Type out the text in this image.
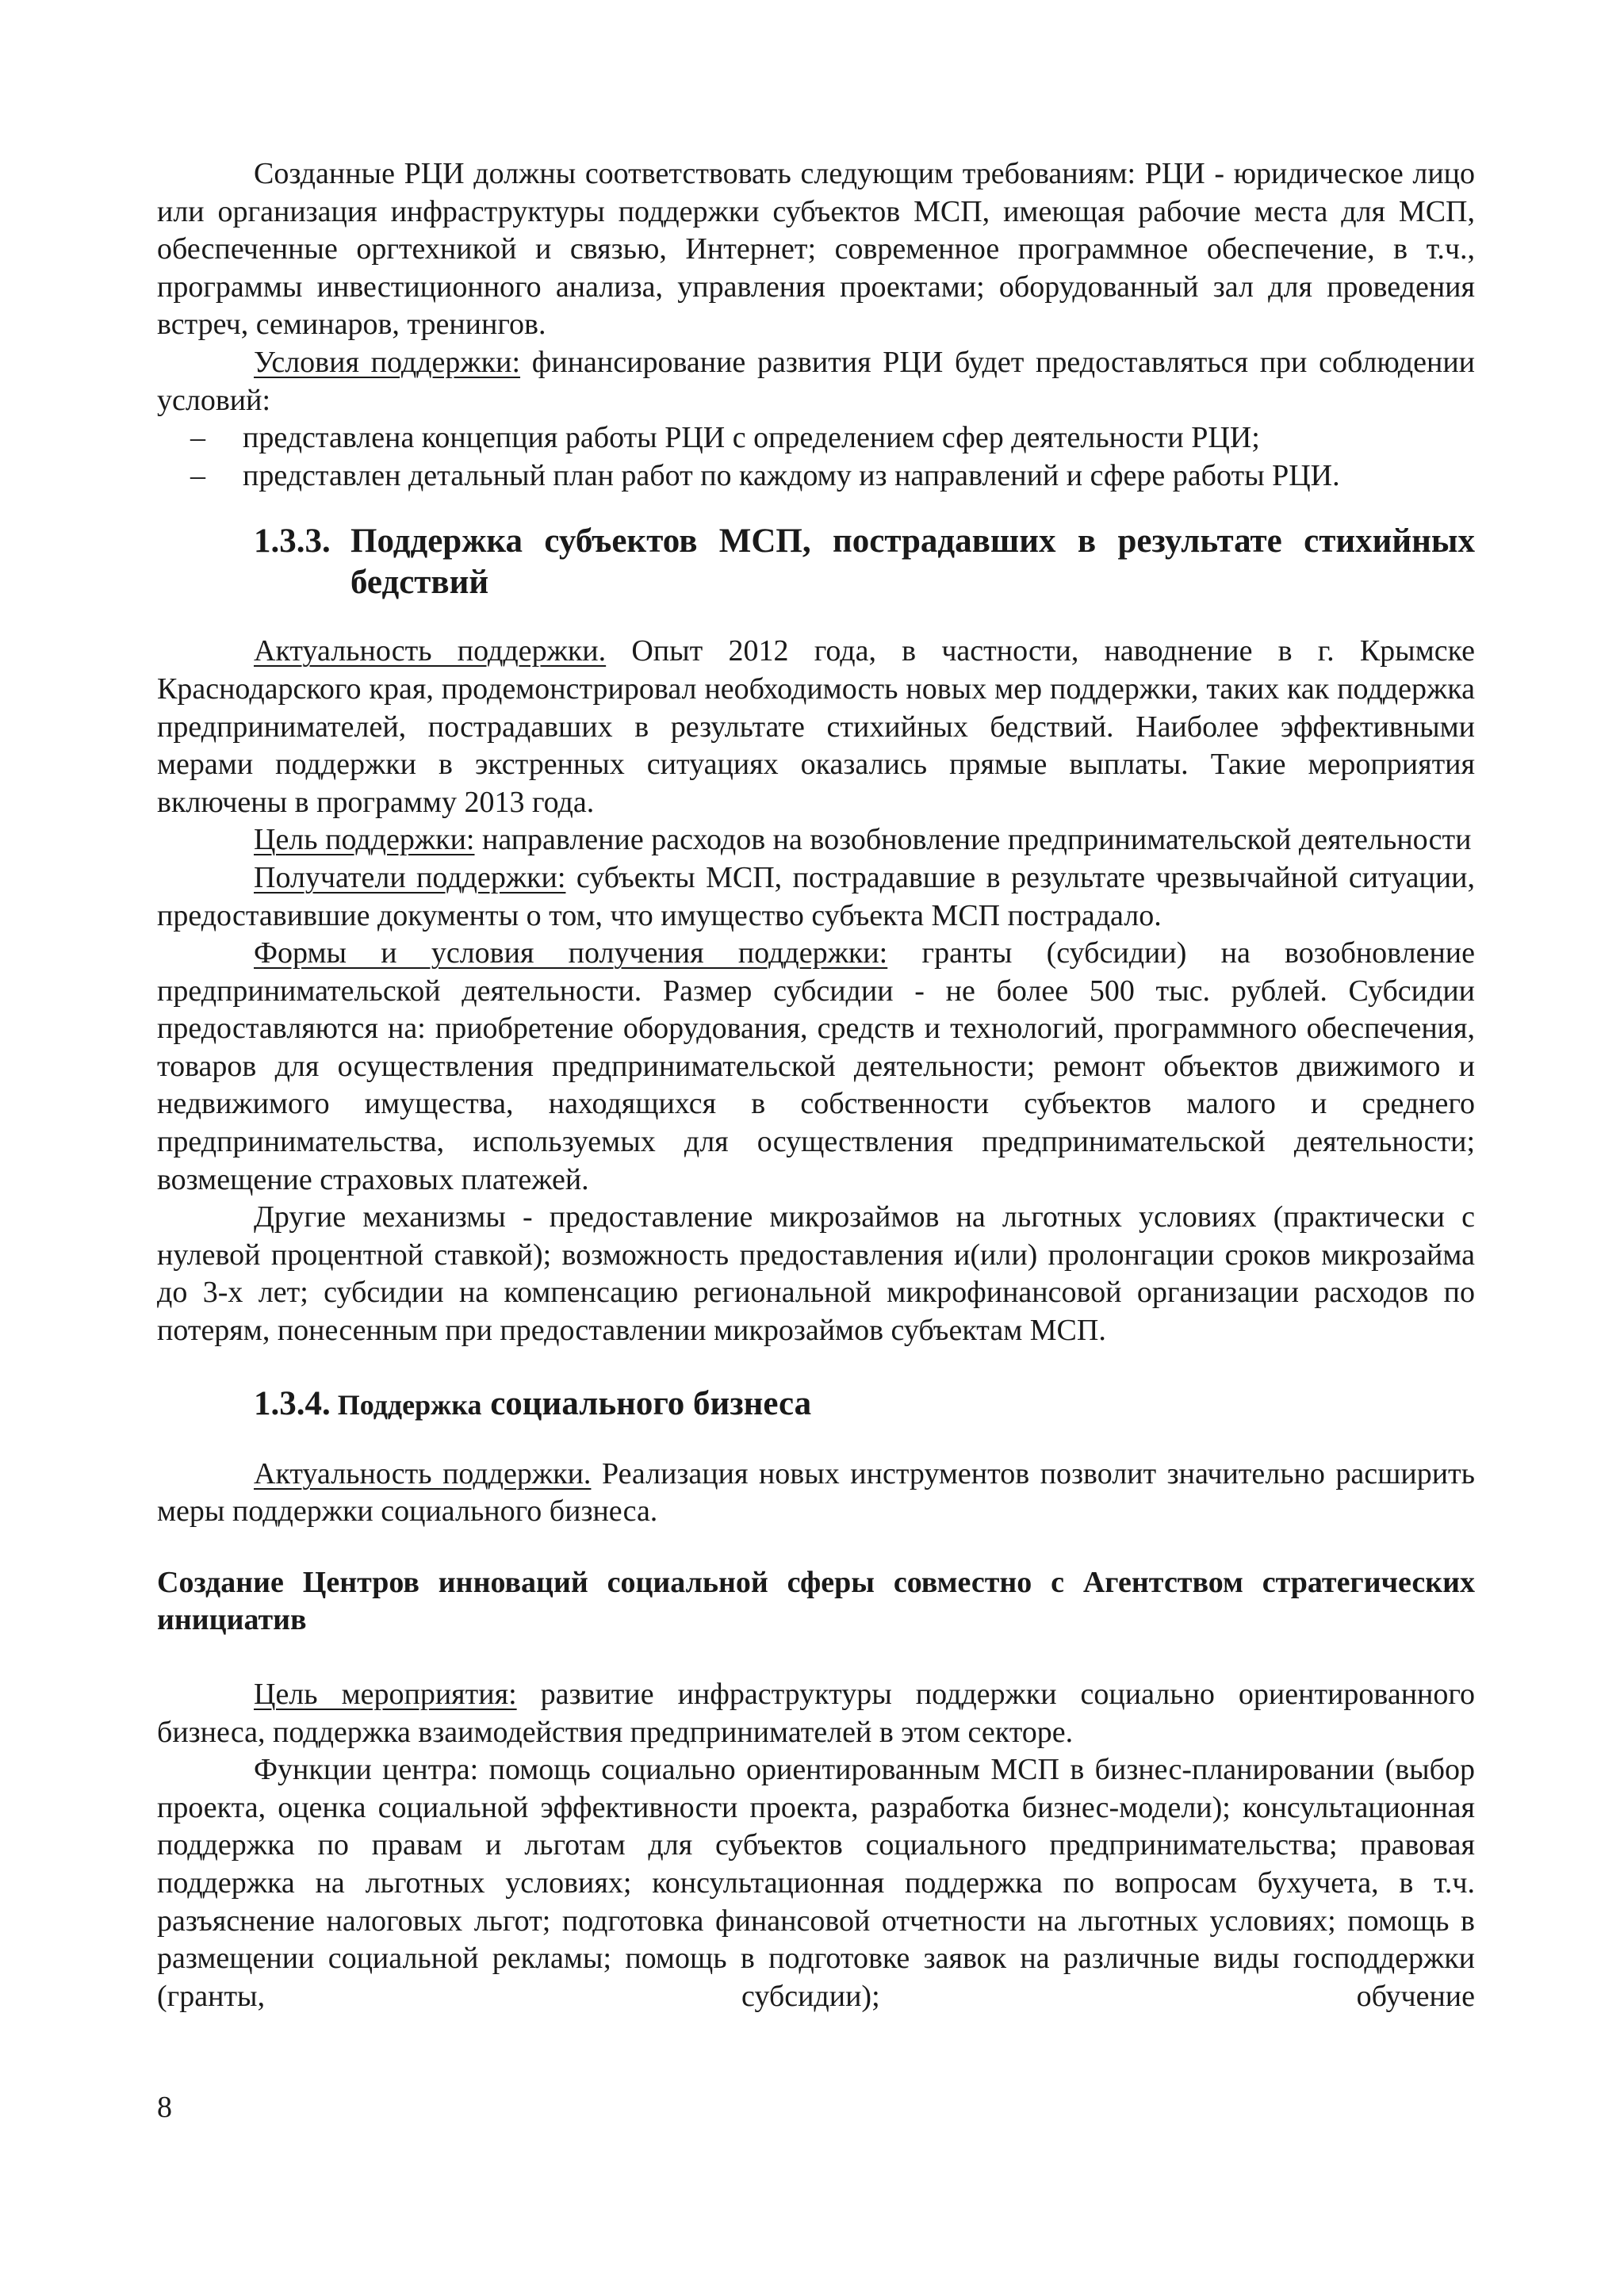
Созданные РЦИ должны соответствовать следующим требованиям: РЦИ - юридическое лицо или организация инфраструктуры поддержки субъектов МСП, имеющая рабочие места для МСП, обеспеченные оргтехникой и связью, Интернет; современное программное обеспечение, в т.ч., программы инвестиционного анализа, управления проектами; оборудованный зал для проведения встреч, семинаров, тренингов.

Условия поддержки: финансирование развития РЦИ будет предоставляться при соблюдении условий:

– представлена концепция работы РЦИ с определением сфер деятельности РЦИ;
– представлен детальный план работ по каждому из направлений и сфере работы РЦИ.
1.3.3. Поддержка субъектов МСП, пострадавших в результате стихийных бедствий

Актуальность поддержки. Опыт 2012 года, в частности, наводнение в г. Крымске Краснодарского края, продемонстрировал необходимость новых мер поддержки, таких как поддержка предпринимателей, пострадавших в результате стихийных бедствий. Наиболее эффективными мерами поддержки в экстренных ситуациях оказались прямые выплаты. Такие мероприятия включены в программу 2013 года.

Цель поддержки: направление расходов на возобновление предпринимательской деятельности

Получатели поддержки: субъекты МСП, пострадавшие в результате чрезвычайной ситуации, предоставившие документы о том, что имущество субъекта МСП пострадало.

Формы и условия получения поддержки: гранты (субсидии) на возобновление предпринимательской деятельности. Размер субсидии - не более 500 тыс. рублей. Субсидии предоставляются на: приобретение оборудования, средств и технологий, программного обеспечения, товаров для осуществления предпринимательской деятельности; ремонт объектов движимого и недвижимого имущества, находящихся в собственности субъектов малого и среднего предпринимательства, используемых для осуществления предпринимательской деятельности; возмещение страховых платежей.

Другие механизмы - предоставление микрозаймов на льготных условиях (практически с нулевой процентной ставкой); возможность предоставления и(или) пролонгации сроков микрозайма до 3-х лет; субсидии на компенсацию региональной микрофинансовой организации расходов по потерям, понесенным при предоставлении микрозаймов субъектам МСП.

1.3.4. Поддержка социального бизнеса

Актуальность поддержки. Реализация новых инструментов позволит значительно расширить меры поддержки социального бизнеса.

Создание Центров инноваций социальной сферы совместно с Агентством стратегических инициатив

Цель мероприятия: развитие инфраструктуры поддержки социально ориентированного бизнеса, поддержка взаимодействия предпринимателей в этом секторе.

Функции центра: помощь социально ориентированным МСП в бизнес-планировании (выбор проекта, оценка социальной эффективности проекта, разработка бизнес-модели); консультационная поддержка по правам и льготам для субъектов социального предпринимательства; правовая поддержка на льготных условиях; консультационная поддержка по вопросам бухучета, в т.ч. разъяснение налоговых льгот; подготовка финансовой отчетности на льготных условиях; помощь в размещении социальной рекламы; помощь в подготовке заявок на различные виды господдержки (гранты, субсидии); обучение

8
